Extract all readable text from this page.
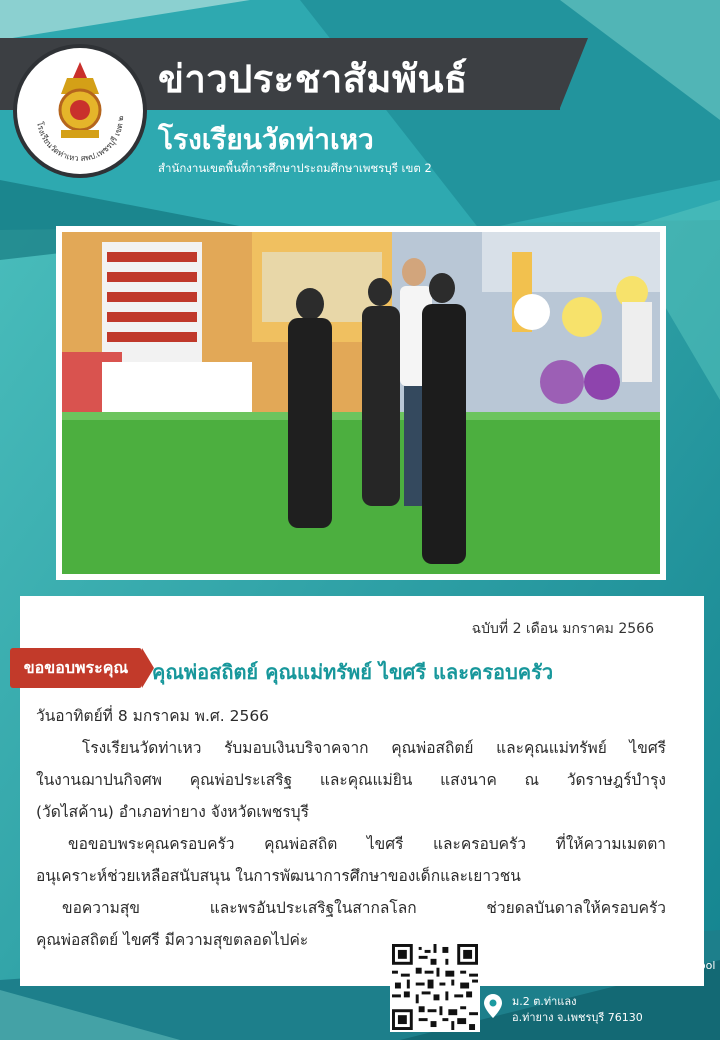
โรงเรียนวัดท่าเหว สพป.เพชรบุรี เขต ๒
ข่าวประชาสัมพันธ์
โรงเรียนวัดท่าเหว

สำนักงานเขตพื้นที่การศึกษาประถมศึกษาเพชรบุรี เขต 2

ฉบับที่ 2 เดือน มกราคม 2566

ขอขอบพระคุณ	คุณพ่อสถิตย์ คุณแม่ทรัพย์ ไขศรี และครอบครัว

วันอาทิตย์ที่ 8 มกราคม พ.ศ. 2566

โรงเรียนวัดท่าเหว รับมอบเงินบริจาคจาก คุณพ่อสถิตย์ และคุณแม่ทรัพย์ ไขศรี

ในงานฌาปนกิจศพ คุณพ่อประเสริฐ และคุณแม่ยิน แสงนาค ณ วัดราษฎร์บำรุง

(วัดไสค้าน) อำเภอท่ายาง จังหวัดเพชรบุรี

ขอขอบพระคุณครอบครัว คุณพ่อสถิต ไขศรี และครอบครัว ที่ให้ความเมตตา

อนุเคราะห์ช่วยเหลือสนับสนุน ในการพัฒนาการศึกษาของเด็กและเยาวชน

ขอความสุข และพรอันประเสริฐในสากลโลก ช่วยดลบันดาลให้ครอบครัว

คุณพ่อสถิตย์ ไขศรี มีความสุขตลอดไปค่ะ

โรงเรียนวัดท่าเหว WAT Tha Hew School

ม.2 ต.ท่าแลง

อ.ท่ายาง จ.เพชรบุรี 76130
